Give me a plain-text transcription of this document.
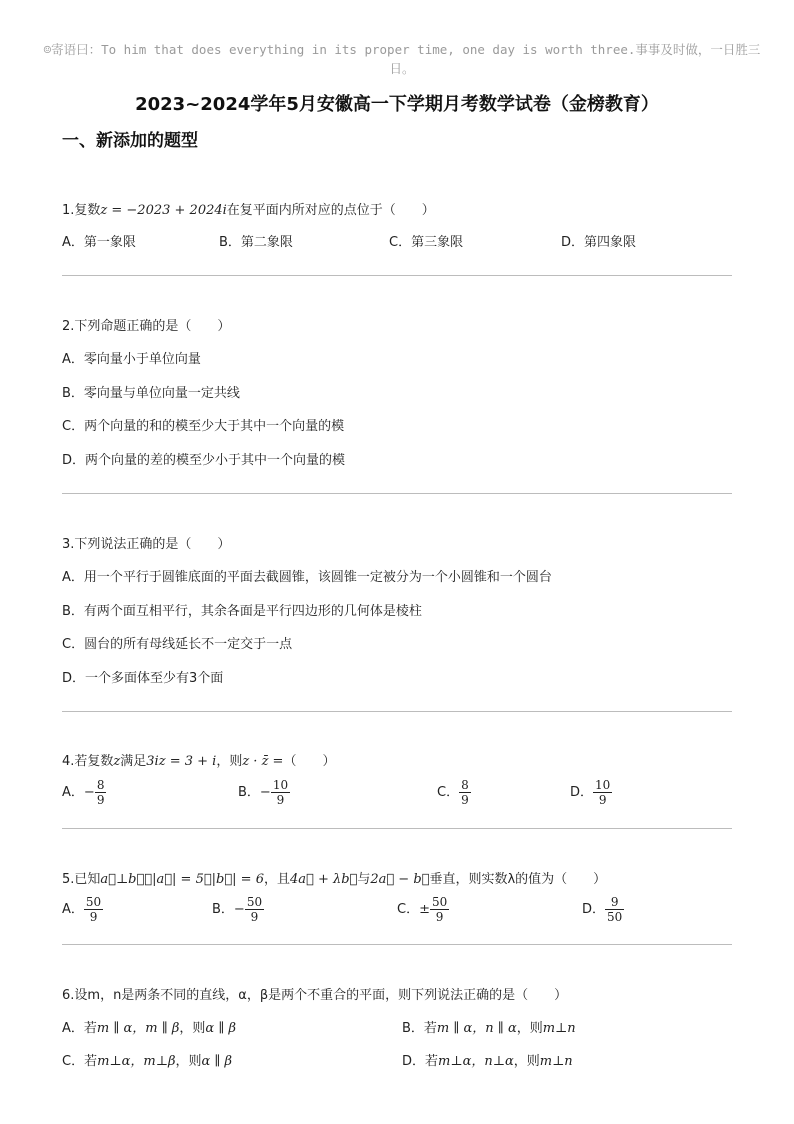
☺寄语曰：To him that does everything in its proper time, one day is worth three.事事及时做，一日胜三日。
2023~2024学年5月安徽高一下学期月考数学试卷（金榜教育）
一、新添加的题型
1.复数z = −2023 + 2024i在复平面内所对应的点位于（　　）
A．第一象限	B．第二象限	C．第三象限	D．第四象限
2.下列命题正确的是（　　）
A．零向量小于单位向量
B．零向量与单位向量一定共线
C．两个向量的和的模至少大于其中一个向量的模
D．两个向量的差的模至少小于其中一个向量的模
3.下列说法正确的是（　　）
A．用一个平行于圆锥底面的平面去截圆锥，该圆锥一定被分为一个小圆锥和一个圆台
B．有两个面互相平行，其余各面是平行四边形的几何体是棱柱
C．圆台的所有母线延长不一定交于一点
D．一个多面体至少有3个面
4.若复数z满足3iz = 3 + i，则z · z̄ =（　　）
A．− $\frac{8}{9}$	B．− $\frac{10}{9}$	C． $\frac{8}{9}$	D． $\frac{10}{9}$
5.已知a⃗⊥b⃗，|a⃗| = 5，|b⃗| = 6，且4a⃗ + λb⃗与2a⃗ − b⃗垂直，则实数λ的值为（　　）
A． $\frac{50}{9}$	B．− $\frac{50}{9}$	C．± $\frac{50}{9}$	D． $\frac{9}{50}$
6.设m，n是两条不同的直线，α，β是两个不重合的平面，则下列说法正确的是（　　）
A．若m ∥ α，m ∥ β，则α ∥ β	B．若m ∥ α，n ∥ α，则m⊥n
C．若m⊥α，m⊥β，则α ∥ β	D．若m⊥α，n⊥α，则m⊥n
